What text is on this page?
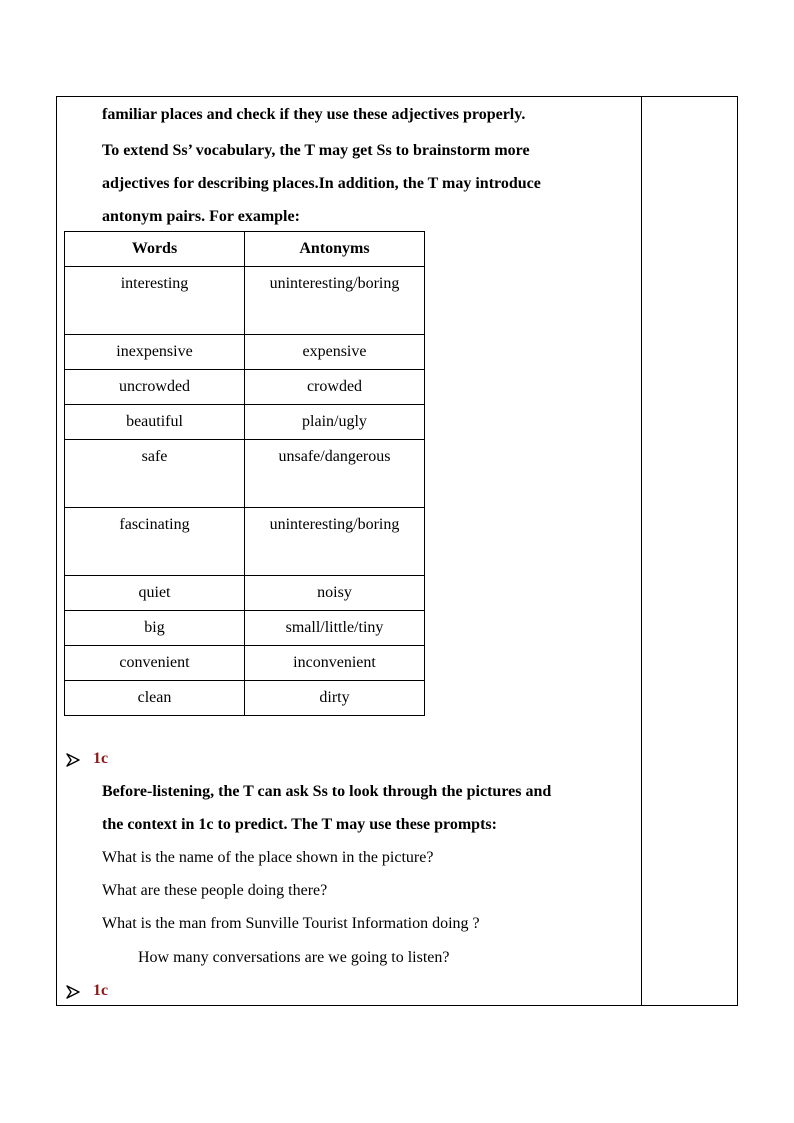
familiar places and check if they use these adjectives properly.
To extend Ss’ vocabulary, the T may get Ss to brainstorm more
adjectives for describing places.In addition, the T may introduce
antonym pairs. For example:
Words	Antonyms
interesting	uninteresting/boring
inexpensive	expensive
uncrowded	crowded
beautiful	plain/ugly
safe	unsafe/dangerous
fascinating	uninteresting/boring
quiet	noisy
big	small/little/tiny
convenient	inconvenient
clean	dirty
1c
Before-listening, the T can ask Ss to look through the pictures and
the context in 1c to predict. The T may use these prompts:
What is the name of the place shown in the picture?
What are these people doing there?
What is the man from Sunville Tourist Information doing ?
How many conversations are we going to listen?
1c
